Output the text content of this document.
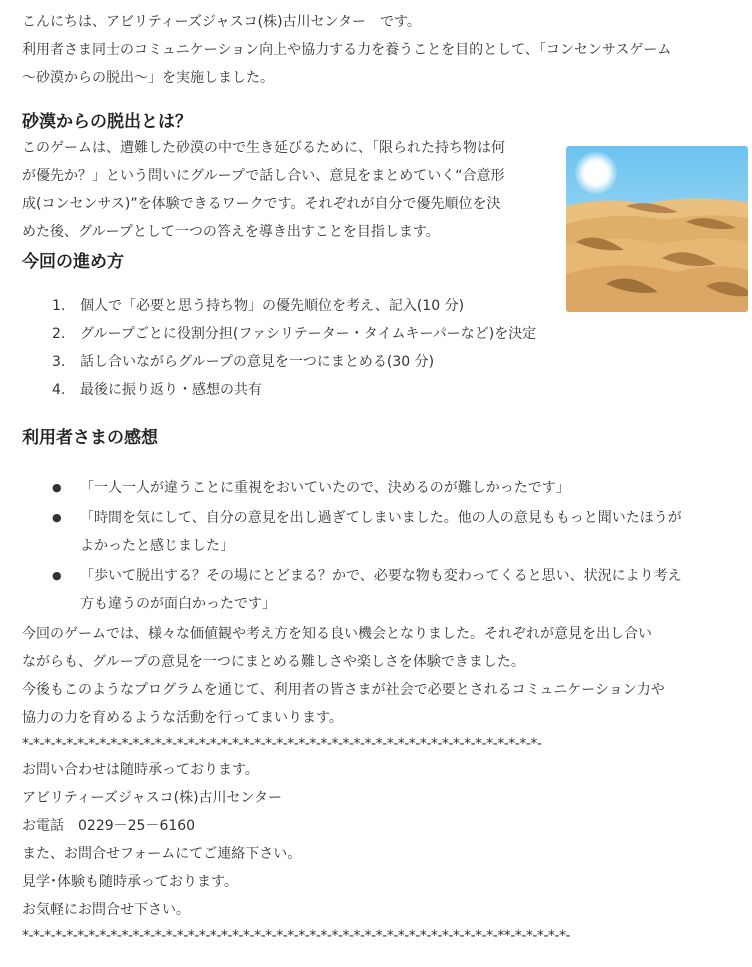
こんにちは、アビリティーズジャスコ(株)古川センター　です。

利用者さま同士のコミュニケーション向上や協力する力を養うことを目的として、「コンセンサスゲーム

～砂漠からの脱出～」を実施しました。

砂漠からの脱出とは？

このゲームは、遭難した砂漠の中で生き延びるために、「限られた持ち物は何

が優先か？」という問いにグループで話し合い、意見をまとめていく“合意形

成(コンセンサス)”を体験できるワークです。それぞれが自分で優先順位を決

めた後、グループとして一つの答えを導き出すことを目指します。

今回の進め方
1.	個人で「必要と思う持ち物」の優先順位を考え、記入(10 分)
2.	グループごとに役割分担(ファシリテーター・タイムキーパーなど)を決定
3.	話し合いながらグループの意見を一つにまとめる(30 分)
4.	最後に振り返り・感想の共有
利用者さまの感想
●	「一人一人が違うことに重視をおいていたので、決めるのが難しかったです」
●	「時間を気にして、自分の意見を出し過ぎてしまいました。他の人の意見ももっと聞いたほうがよかったと感じました」
●	「歩いて脱出する？その場にとどまる？かで、必要な物も変わってくると思い、状況により考え方も違うのが面白かったです」

今回のゲームでは、様々な価値観や考え方を知る良い機会となりました。それぞれが意見を出し合い

ながらも、グループの意見を一つにまとめる難しさや楽しさを体験できました。

今後もこのようなプログラムを通じて、利用者の皆さまが社会で必要とされるコミュニケーション力や

協力の力を育めるような活動を行ってまいります。

*-*-*-*-*-*-*-*-*-*-*-*-*-*-*-*-*-*-*-*-*-*-*-*-*-*-*-*-*-*-*-*-*-*-*-*-*-*-*-*-*-*-*-*-*-*-*-

お問い合わせは随時承っております。

アビリティーズジャスコ(株)古川センター

お電話　0229－25－6160

また、お問合せフォームにてご連絡下さい。

見学･体験も随時承っております。

お気軽にお問合せ下さい。

*-*-*-*-*-*-*-*-*-*-*-*-*-*-*-*-*-*-*-*-*-*-*-*-*-*-*-*-*-*-*-*-*-*-*-*-*-*-*-*-*-*-*-**-*-*-*-*-*-
